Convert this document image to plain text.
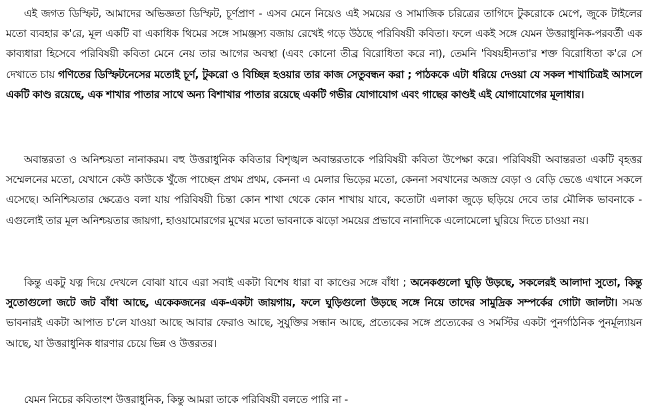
এই জগত ডিস্ফিট, আমাদের অভিজ্ঞতা ডিস্ফিট, চূর্ণপ্রাণ - এসব মেনে নিয়েও এই সময়ের ও সামাজিক চরিত্রের তাগিদে টুকরোকে মেপে, জুকে টাইলের মতো ব্যবহার ক'রে, মূল একটি বা একাধিক থিমের সঙ্গে সামঞ্জস্য বজায় রেখেই গড়ে উঠছে পরিবিষয়ী কবিতা। ফলে একই সঙ্গে যেমন উত্তরাধুনিক-পরবর্তী এক কাব্যধারা হিসেবে পরিবিষয়ী কবিতা মেনে নেয় তার আগের অবস্থা (এবং কোনো তীব্র বিরোধিতা করে না), তেমনি 'বিষয়হীনতা'র শক্ত বিরোধিতা ক'রে সে দেখাতে চায় গণিতের ডিস্ফিটনেসের মতোই চূর্ণ, টুকরো ও বিচ্ছিন্ন হওয়ার তার কাজ সেতুবন্ধন করা ; পাঠককে এটা ধরিয়ে দেওয়া যে সকল শাখাচিত্রই আসলে একটি কাণ্ড রয়েছে, এক শাখার পাতার সাথে অন্য বিশাখার পাতার রয়েছে একটি গভীর যোগাযোগ এবং গাছের কাণ্ডই এই যোগাযোগের মূলাধার।

অবান্তরতা ও অনিশ্চয়তা নানাকরম। বহু উত্তরাধুনিক কবিতার বিশৃঙ্খল অবান্তরতাকে পরিবিষয়ী কবিতা উপেক্ষা করে। পরিবিষয়ী অবান্তরতা একটি বৃহত্তর সম্মেলনের মতো, যেখানে কেউ কাউকে খুঁজে পাচ্ছেন প্রথম প্রথম, কেননা এ মেলার ভিড়ের মতো, কেননা সবখানের অজস্র বেড়া ও বেড়ি ভেঙে এখানে সকলে এসেছে। অনিশ্চিয়তার ক্ষেত্রেও বলা যায় পরিবিষয়ী চিন্তা কোন শাখা থেকে কোন শাখায় যাবে, কতোটা এলাকা জুড়ে ছড়িয়ে দেবে তার মৌলিক ভাবনাকে - এগুলোই তার মূল অনিশ্চয়তার জায়গা, হাওয়ামোরগের মুখের মতো ভাবনাকে ঝড়ো সময়ের প্রভাবে নানাদিকে এলোমেলো ঘুরিয়ে দিতে চাওয়া নয়।

কিন্তু একটু যত্ন দিয়ে দেখলে বোঝা যাবে এরা সবাই একটা বিশেষ ধারা বা কাণ্ডের সঙ্গে বাঁধা ; অনেকগুলো ঘুড়ি উড়ছে, সকলেরই আলাদা সুতো, কিন্তু সুতোগুলো জটে জট বাঁধা আছে, একেকজনের এক-একটা জায়গায়, ফলে ঘুড়িগুলো উড়ছে সঙ্গে নিয়ে তাদের সামুদ্রিক সম্পর্কের গোটা জালটা। সমস্ত ভাবনারই একটা আপাত চ'লে যাওয়া আছে আবার ফেরাও আছে, সুযুক্তির সন্ধান আছে, প্রত্যেকের সঙ্গে প্রত্যেকের ও সমস্টির একটা পুনর্গাঠনিক পুনর্মূল্যায়ন আছে, যা উত্তরাধুনিক ধারণার চেয়ে ভিন্ন ও উত্তরতর।

যেমন নিচের কবিতাংশ উত্তরাধুনিক, কিন্তু আমরা তাকে পরিবিষয়ী বলতে পারি না -
